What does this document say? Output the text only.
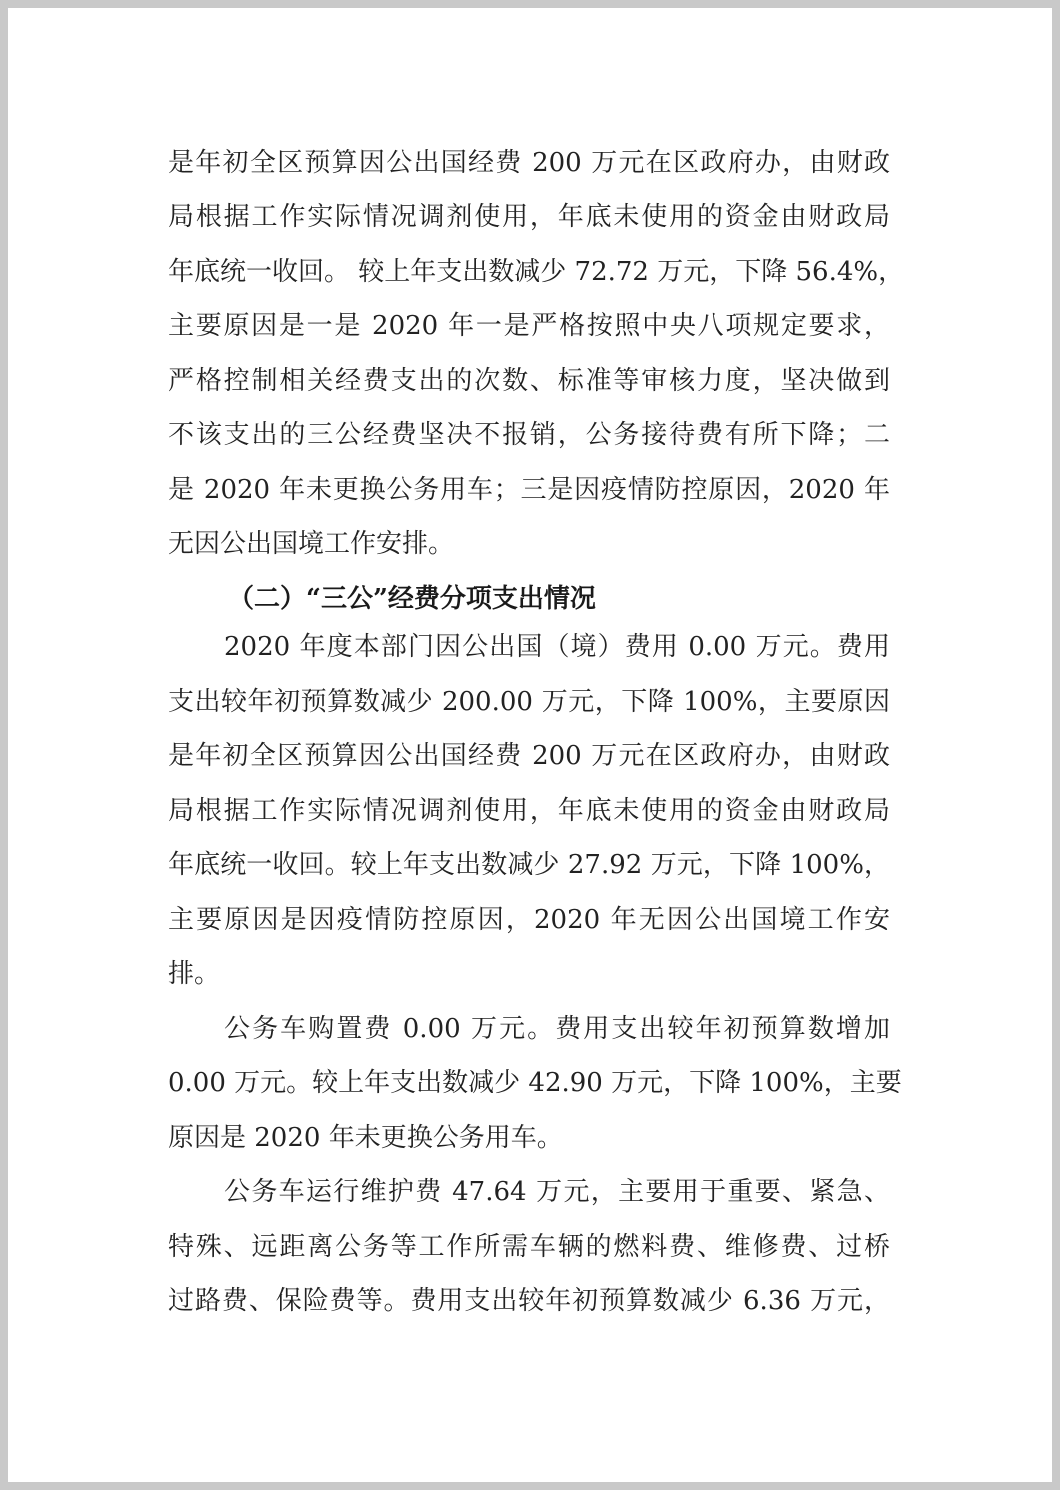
是年初全区预算因公出国经费 200 万元在区政府办，由财政
局根据工作实际情况调剂使用，年底未使用的资金由财政局
年底统一收回。 较上年支出数减少 72.72 万元，下降 56.4%，
主要原因是一是 2020 年一是严格按照中央八项规定要求，
严格控制相关经费支出的次数、标准等审核力度，坚决做到
不该支出的三公经费坚决不报销，公务接待费有所下降；二
是 2020 年未更换公务用车；三是因疫情防控原因，2020 年
无因公出国境工作安排。
（二）“三公”经费分项支出情况
2020 年度本部门因公出国（境）费用 0.00 万元。费用
支出较年初预算数减少 200.00 万元，下降 100%，主要原因
是年初全区预算因公出国经费 200 万元在区政府办，由财政
局根据工作实际情况调剂使用，年底未使用的资金由财政局
年底统一收回。较上年支出数减少 27.92 万元，下降 100%，
主要原因是因疫情防控原因，2020 年无因公出国境工作安
排。
公务车购置费 0.00 万元。费用支出较年初预算数增加
0.00 万元。较上年支出数减少 42.90 万元，下降 100%，主要
原因是 2020 年未更换公务用车。
公务车运行维护费 47.64 万元，主要用于重要、紧急、
特殊、远距离公务等工作所需车辆的燃料费、维修费、过桥
过路费、保险费等。费用支出较年初预算数减少 6.36 万元，
